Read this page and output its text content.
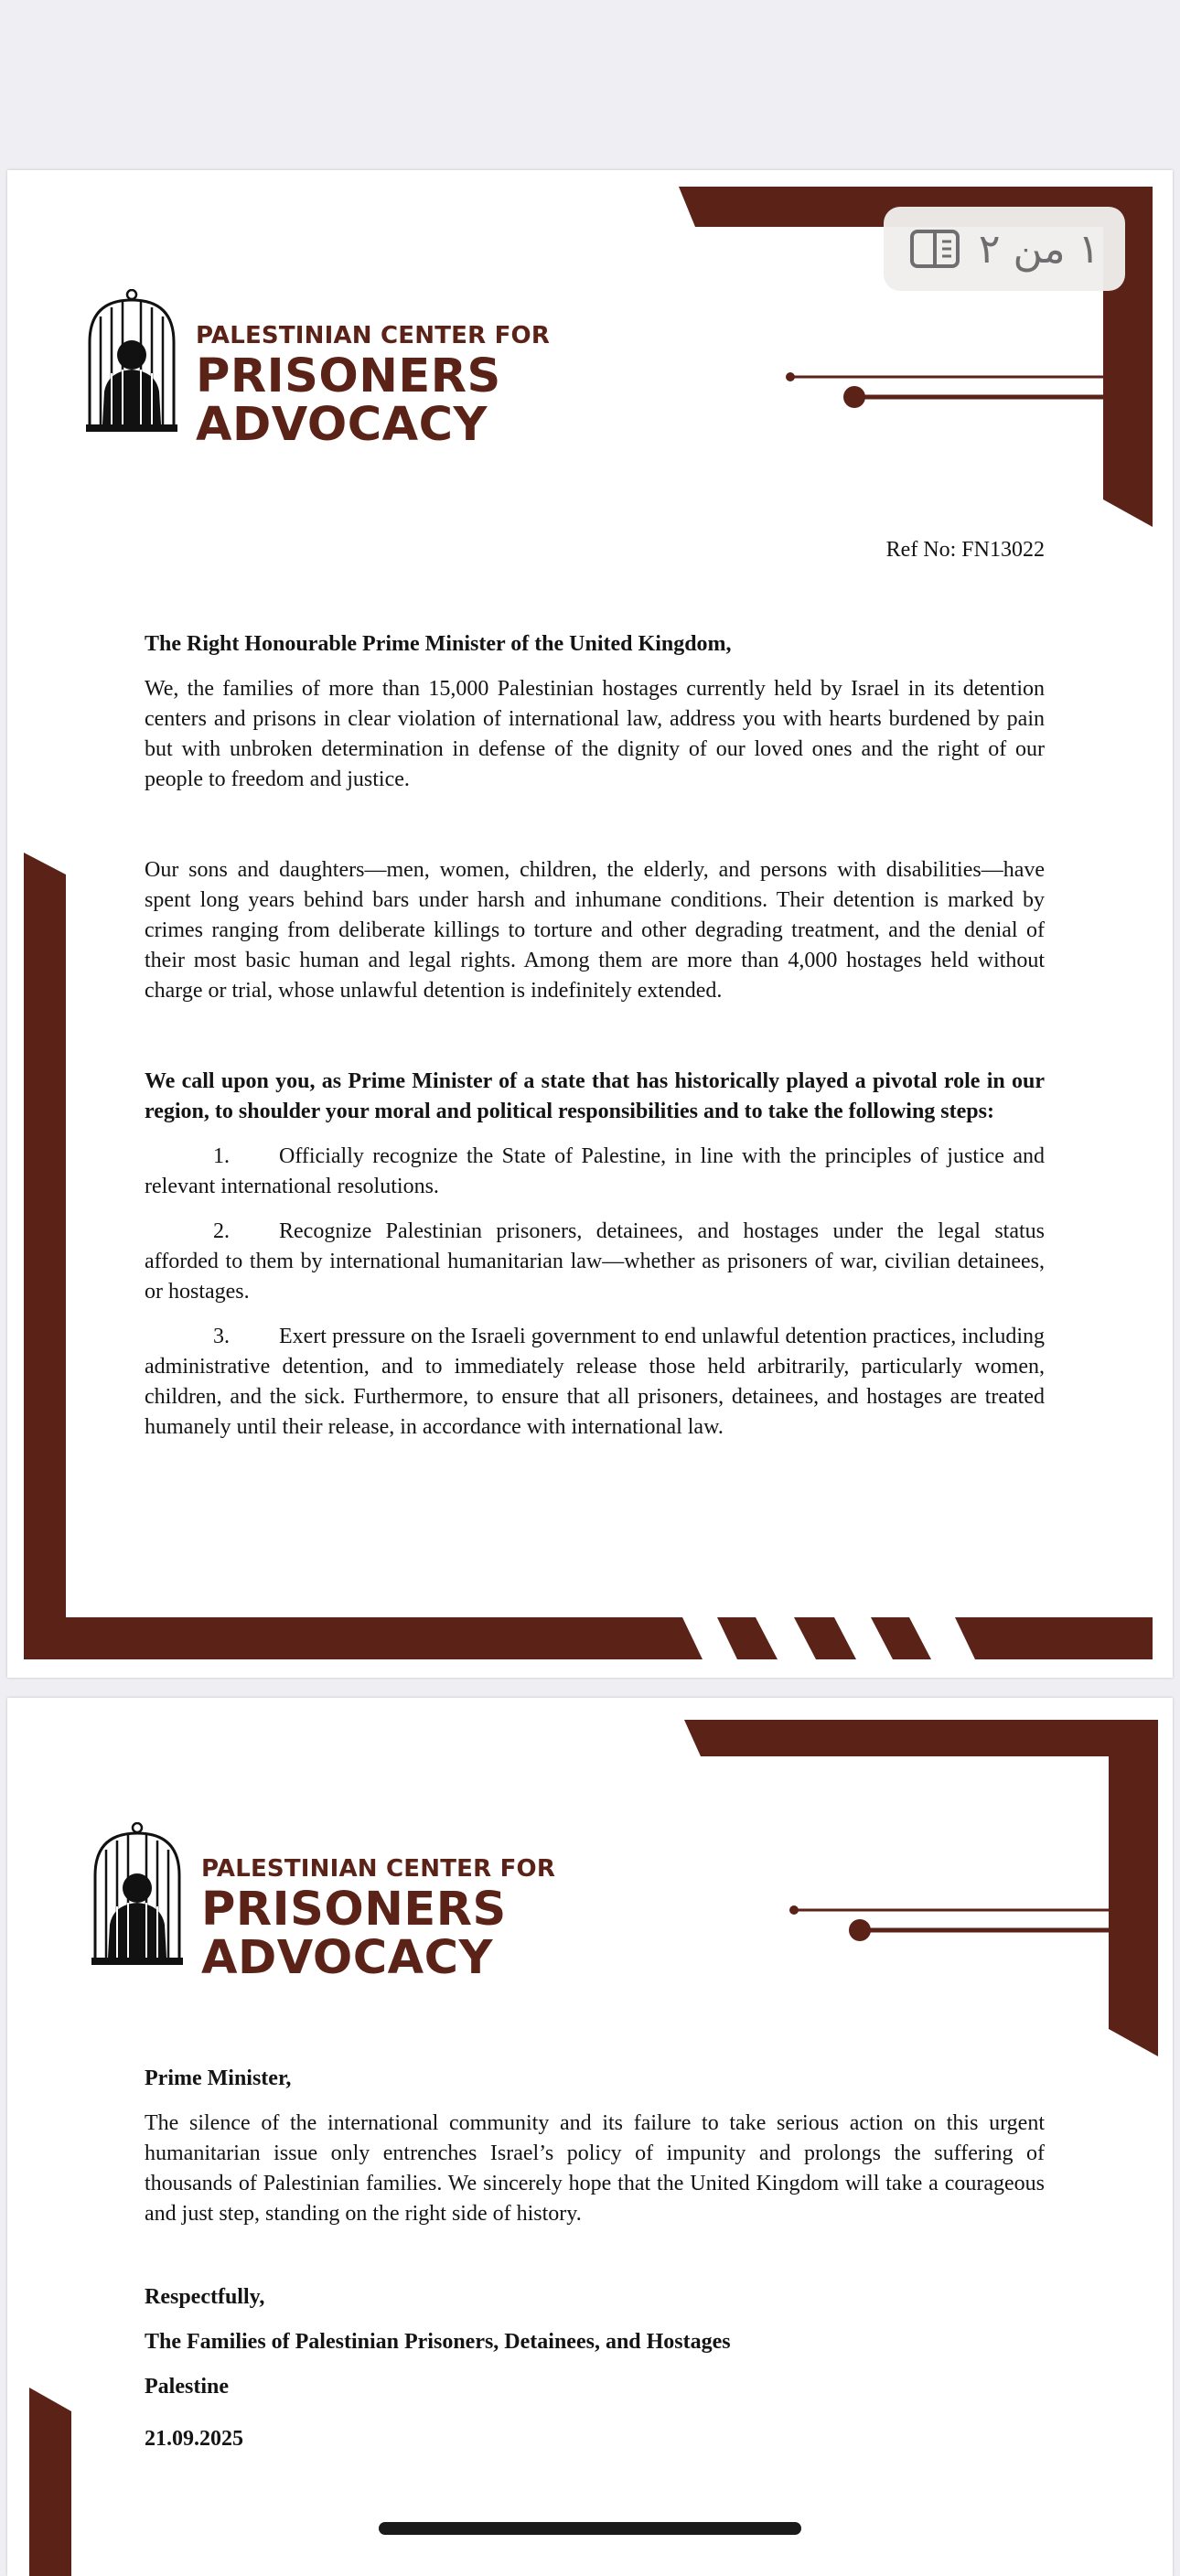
PALESTINIAN CENTER FOR
PRISONERS
ADVOCACY
Ref No: FN13022

The Right Honourable Prime Minister of the United Kingdom,

We, the families of more than 15,000 Palestinian hostages currently held by Israel in its detention centers and prisons in clear violation of international law, address you with hearts burdened by pain but with unbroken determination in defense of the dignity of our loved ones and the right of our people to freedom and justice.

Our sons and daughters—men, women, children, the elderly, and persons with disabilities—have spent long years behind bars under harsh and inhumane conditions. Their detention is marked by crimes ranging from deliberate killings to torture and other degrading treatment, and the denial of their most basic human and legal rights. Among them are more than 4,000 hostages held without charge or trial, whose unlawful detention is indefinitely extended.

We call upon you, as Prime Minister of a state that has historically played a pivotal role in our region, to shoulder your moral and political responsibilities and to take the following steps:

1. Officially recognize the State of Palestine, in line with the principles of justice and relevant international resolutions.

2. Recognize Palestinian prisoners, detainees, and hostages under the legal status afforded to them by international humanitarian law—whether as prisoners of war, civilian detainees, or hostages.

3. Exert pressure on the Israeli government to end unlawful detention practices, including administrative detention, and to immediately release those held arbitrarily, particularly women, children, and the sick. Furthermore, to ensure that all prisoners, detainees, and hostages are treated humanely until their release, in accordance with international law.

PALESTINIAN CENTER FOR
PRISONERS
ADVOCACY

Prime Minister,

The silence of the international community and its failure to take serious action on this urgent humanitarian issue only entrenches Israel’s policy of impunity and prolongs the suffering of thousands of Palestinian families. We sincerely hope that the United Kingdom will take a courageous and just step, standing on the right side of history.

Respectfully,

The Families of Palestinian Prisoners, Detainees, and Hostages

Palestine

21.09.2025

١ من ٢
